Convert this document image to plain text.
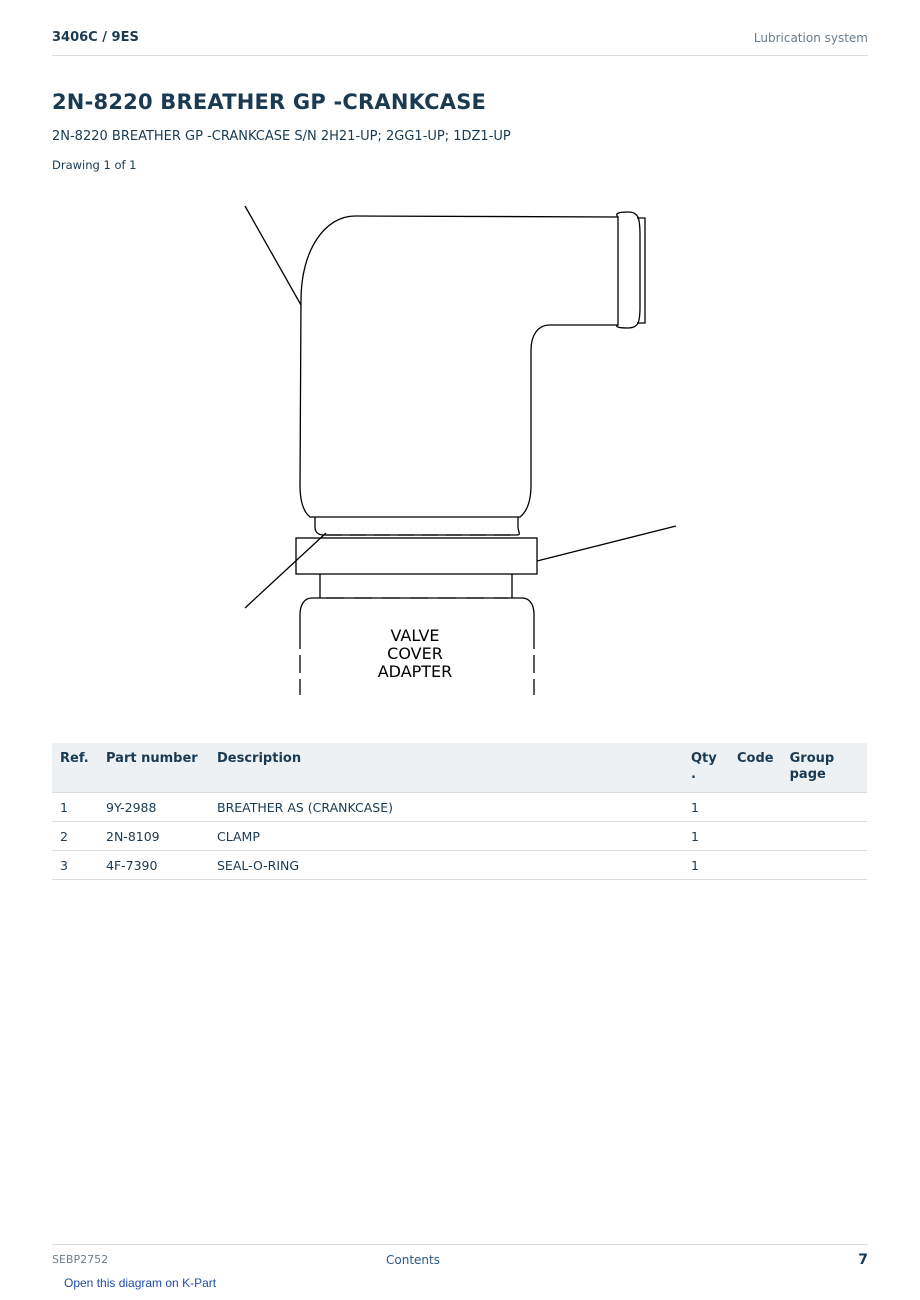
3406C / 9ES	Lubrication system
2N-8220 BREATHER GP -CRANKCASE
2N-8220 BREATHER GP -CRANKCASE S/N 2H21-UP; 2GG1-UP; 1DZ1-UP
Drawing 1 of 1
VALVE
COVER
ADAPTER
Ref.	Part number	Description	Qty .	Code	Group page
1	9Y-2988	BREATHER AS (CRANKCASE)	1		
2	2N-8109	CLAMP	1		
3	4F-7390	SEAL-O-RING	1		
SEBP2752	Contents	7
Open this diagram on K-Part
